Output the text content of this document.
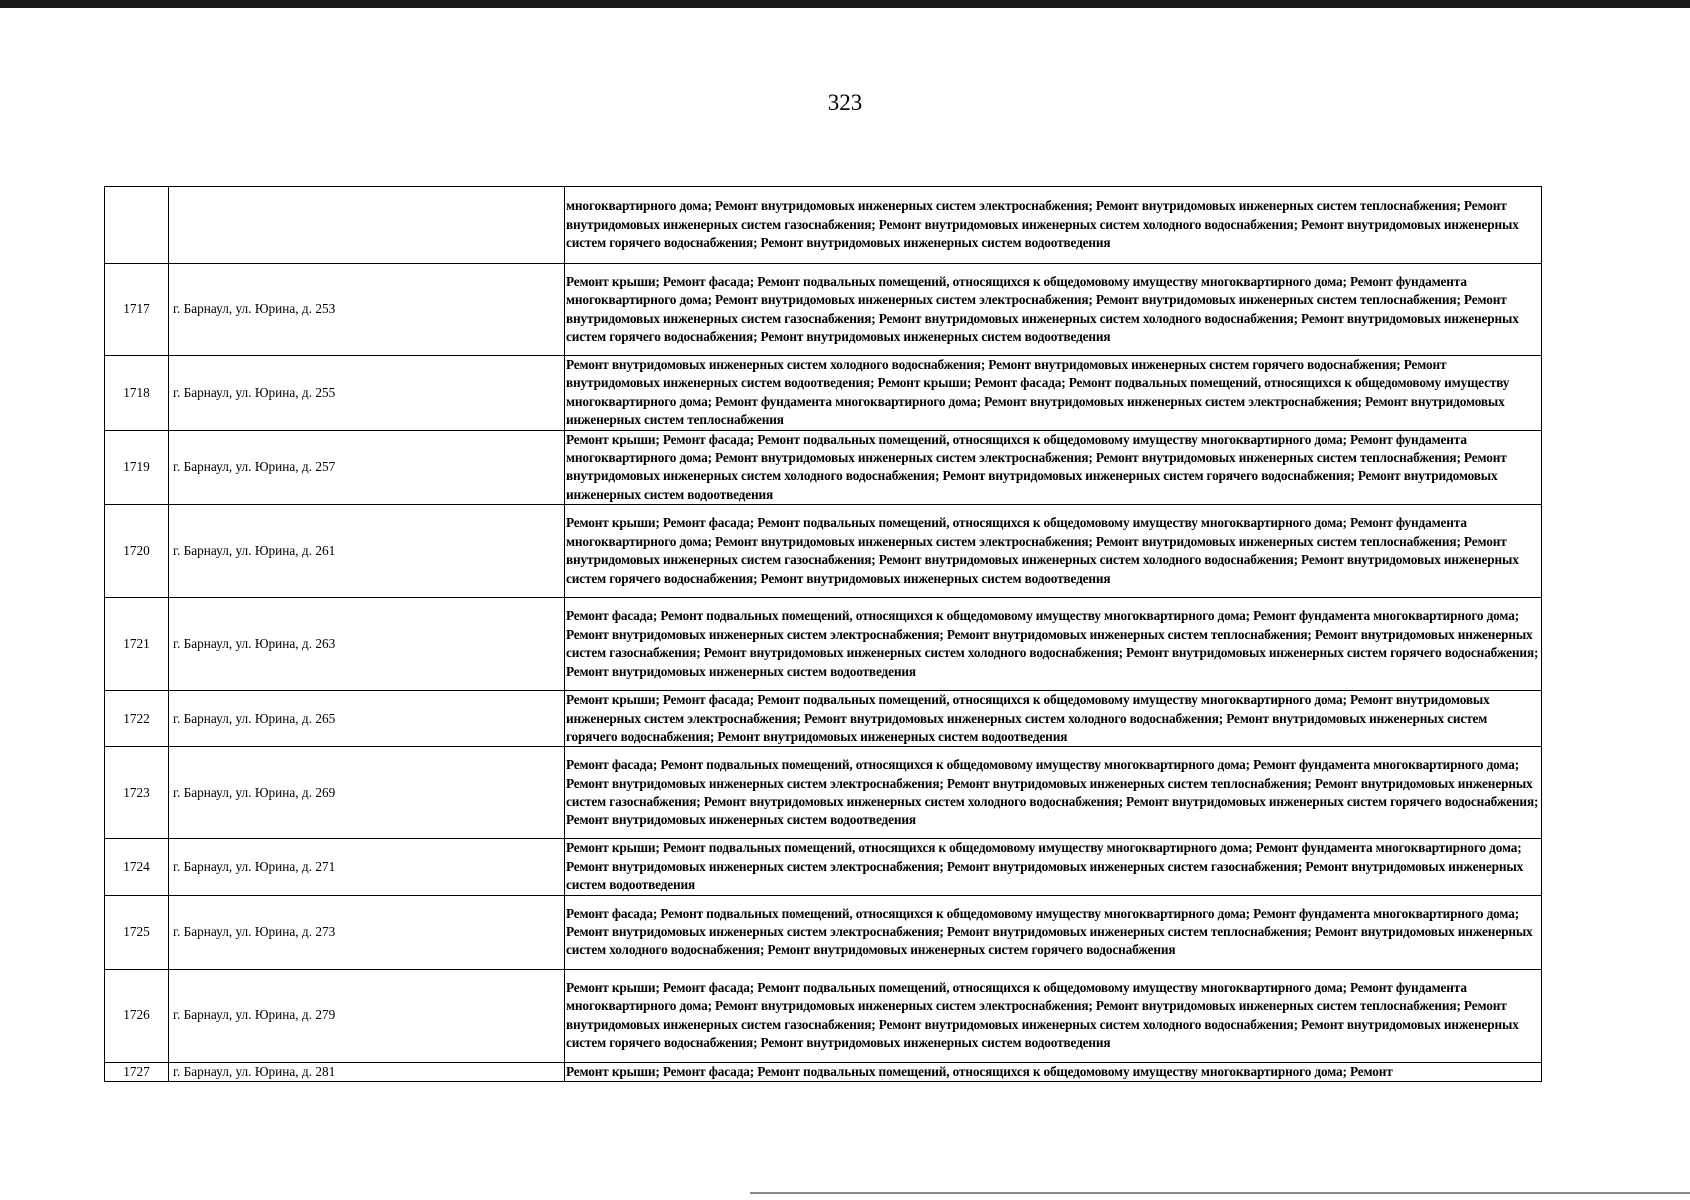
323

		многоквартирного дома; Ремонт внутридомовых инженерных систем электроснабжения; Ремонт внутридомовых инженерных систем теплоснабжения; Ремонт внутридомовых инженерных систем газоснабжения; Ремонт внутридомовых инженерных систем холодного водоснабжения; Ремонт внутридомовых инженерных систем горячего водоснабжения; Ремонт внутридомовых инженерных систем водоотведения

1717	г. Барнаул, ул. Юрина, д. 253	Ремонт крыши; Ремонт фасада; Ремонт подвальных помещений, относящихся к общедомовому имуществу многоквартирного дома; Ремонт фундамента многоквартирного дома; Ремонт внутридомовых инженерных систем электроснабжения; Ремонт внутридомовых инженерных систем теплоснабжения; Ремонт внутридомовых инженерных систем газоснабжения; Ремонт внутридомовых инженерных систем холодного водоснабжения; Ремонт внутридомовых инженерных систем горячего водоснабжения; Ремонт внутридомовых инженерных систем водоотведения

1718	г. Барнаул, ул. Юрина, д. 255	Ремонт внутридомовых инженерных систем холодного водоснабжения; Ремонт внутридомовых инженерных систем горячего водоснабжения; Ремонт внутридомовых инженерных систем водоотведения; Ремонт крыши; Ремонт фасада; Ремонт подвальных помещений, относящихся к общедомовому имуществу многоквартирного дома; Ремонт фундамента многоквартирного дома; Ремонт внутридомовых инженерных систем электроснабжения; Ремонт внутридомовых инженерных систем теплоснабжения

1719	г. Барнаул, ул. Юрина, д. 257	Ремонт крыши; Ремонт фасада; Ремонт подвальных помещений, относящихся к общедомовому имуществу многоквартирного дома; Ремонт фундамента многоквартирного дома; Ремонт внутридомовых инженерных систем электроснабжения; Ремонт внутридомовых инженерных систем теплоснабжения; Ремонт внутридомовых инженерных систем холодного водоснабжения; Ремонт внутридомовых инженерных систем горячего водоснабжения; Ремонт внутридомовых инженерных систем водоотведения

1720	г. Барнаул, ул. Юрина, д. 261	Ремонт крыши; Ремонт фасада; Ремонт подвальных помещений, относящихся к общедомовому имуществу многоквартирного дома; Ремонт фундамента многоквартирного дома; Ремонт внутридомовых инженерных систем электроснабжения; Ремонт внутридомовых инженерных систем теплоснабжения; Ремонт внутридомовых инженерных систем газоснабжения; Ремонт внутридомовых инженерных систем холодного водоснабжения; Ремонт внутридомовых инженерных систем горячего водоснабжения; Ремонт внутридомовых инженерных систем водоотведения

1721	г. Барнаул, ул. Юрина, д. 263	Ремонт фасада; Ремонт подвальных помещений, относящихся к общедомовому имуществу многоквартирного дома; Ремонт фундамента многоквартирного дома; Ремонт внутридомовых инженерных систем электроснабжения; Ремонт внутридомовых инженерных систем теплоснабжения; Ремонт внутридомовых инженерных систем газоснабжения; Ремонт внутридомовых инженерных систем холодного водоснабжения; Ремонт внутридомовых инженерных систем горячего водоснабжения; Ремонт внутридомовых инженерных систем водоотведения

1722	г. Барнаул, ул. Юрина, д. 265	Ремонт крыши; Ремонт фасада; Ремонт подвальных помещений, относящихся к общедомовому имуществу многоквартирного дома; Ремонт внутридомовых инженерных систем электроснабжения; Ремонт внутридомовых инженерных систем холодного водоснабжения; Ремонт внутридомовых инженерных систем горячего водоснабжения; Ремонт внутридомовых инженерных систем водоотведения

1723	г. Барнаул, ул. Юрина, д. 269	Ремонт фасада; Ремонт подвальных помещений, относящихся к общедомовому имуществу многоквартирного дома; Ремонт фундамента многоквартирного дома; Ремонт внутридомовых инженерных систем электроснабжения; Ремонт внутридомовых инженерных систем теплоснабжения; Ремонт внутридомовых инженерных систем газоснабжения; Ремонт внутридомовых инженерных систем холодного водоснабжения; Ремонт внутридомовых инженерных систем горячего водоснабжения; Ремонт внутридомовых инженерных систем водоотведения

1724	г. Барнаул, ул. Юрина, д. 271	Ремонт крыши; Ремонт подвальных помещений, относящихся к общедомовому имуществу многоквартирного дома; Ремонт фундамента многоквартирного дома; Ремонт внутридомовых инженерных систем электроснабжения; Ремонт внутридомовых инженерных систем газоснабжения; Ремонт внутридомовых инженерных систем водоотведения

1725	г. Барнаул, ул. Юрина, д. 273	Ремонт фасада; Ремонт подвальных помещений, относящихся к общедомовому имуществу многоквартирного дома; Ремонт фундамента многоквартирного дома; Ремонт внутридомовых инженерных систем электроснабжения; Ремонт внутридомовых инженерных систем теплоснабжения; Ремонт внутридомовых инженерных систем холодного водоснабжения; Ремонт внутридомовых инженерных систем горячего водоснабжения

1726	г. Барнаул, ул. Юрина, д. 279	Ремонт крыши; Ремонт фасада; Ремонт подвальных помещений, относящихся к общедомовому имуществу многоквартирного дома; Ремонт фундамента многоквартирного дома; Ремонт внутридомовых инженерных систем электроснабжения; Ремонт внутридомовых инженерных систем теплоснабжения; Ремонт внутридомовых инженерных систем газоснабжения; Ремонт внутридомовых инженерных систем холодного водоснабжения; Ремонт внутридомовых инженерных систем горячего водоснабжения; Ремонт внутридомовых инженерных систем водоотведения

1727	г. Барнаул, ул. Юрина, д. 281	Ремонт крыши; Ремонт фасада; Ремонт подвальных помещений, относящихся к общедомовому имуществу многоквартирного дома; Ремонт
